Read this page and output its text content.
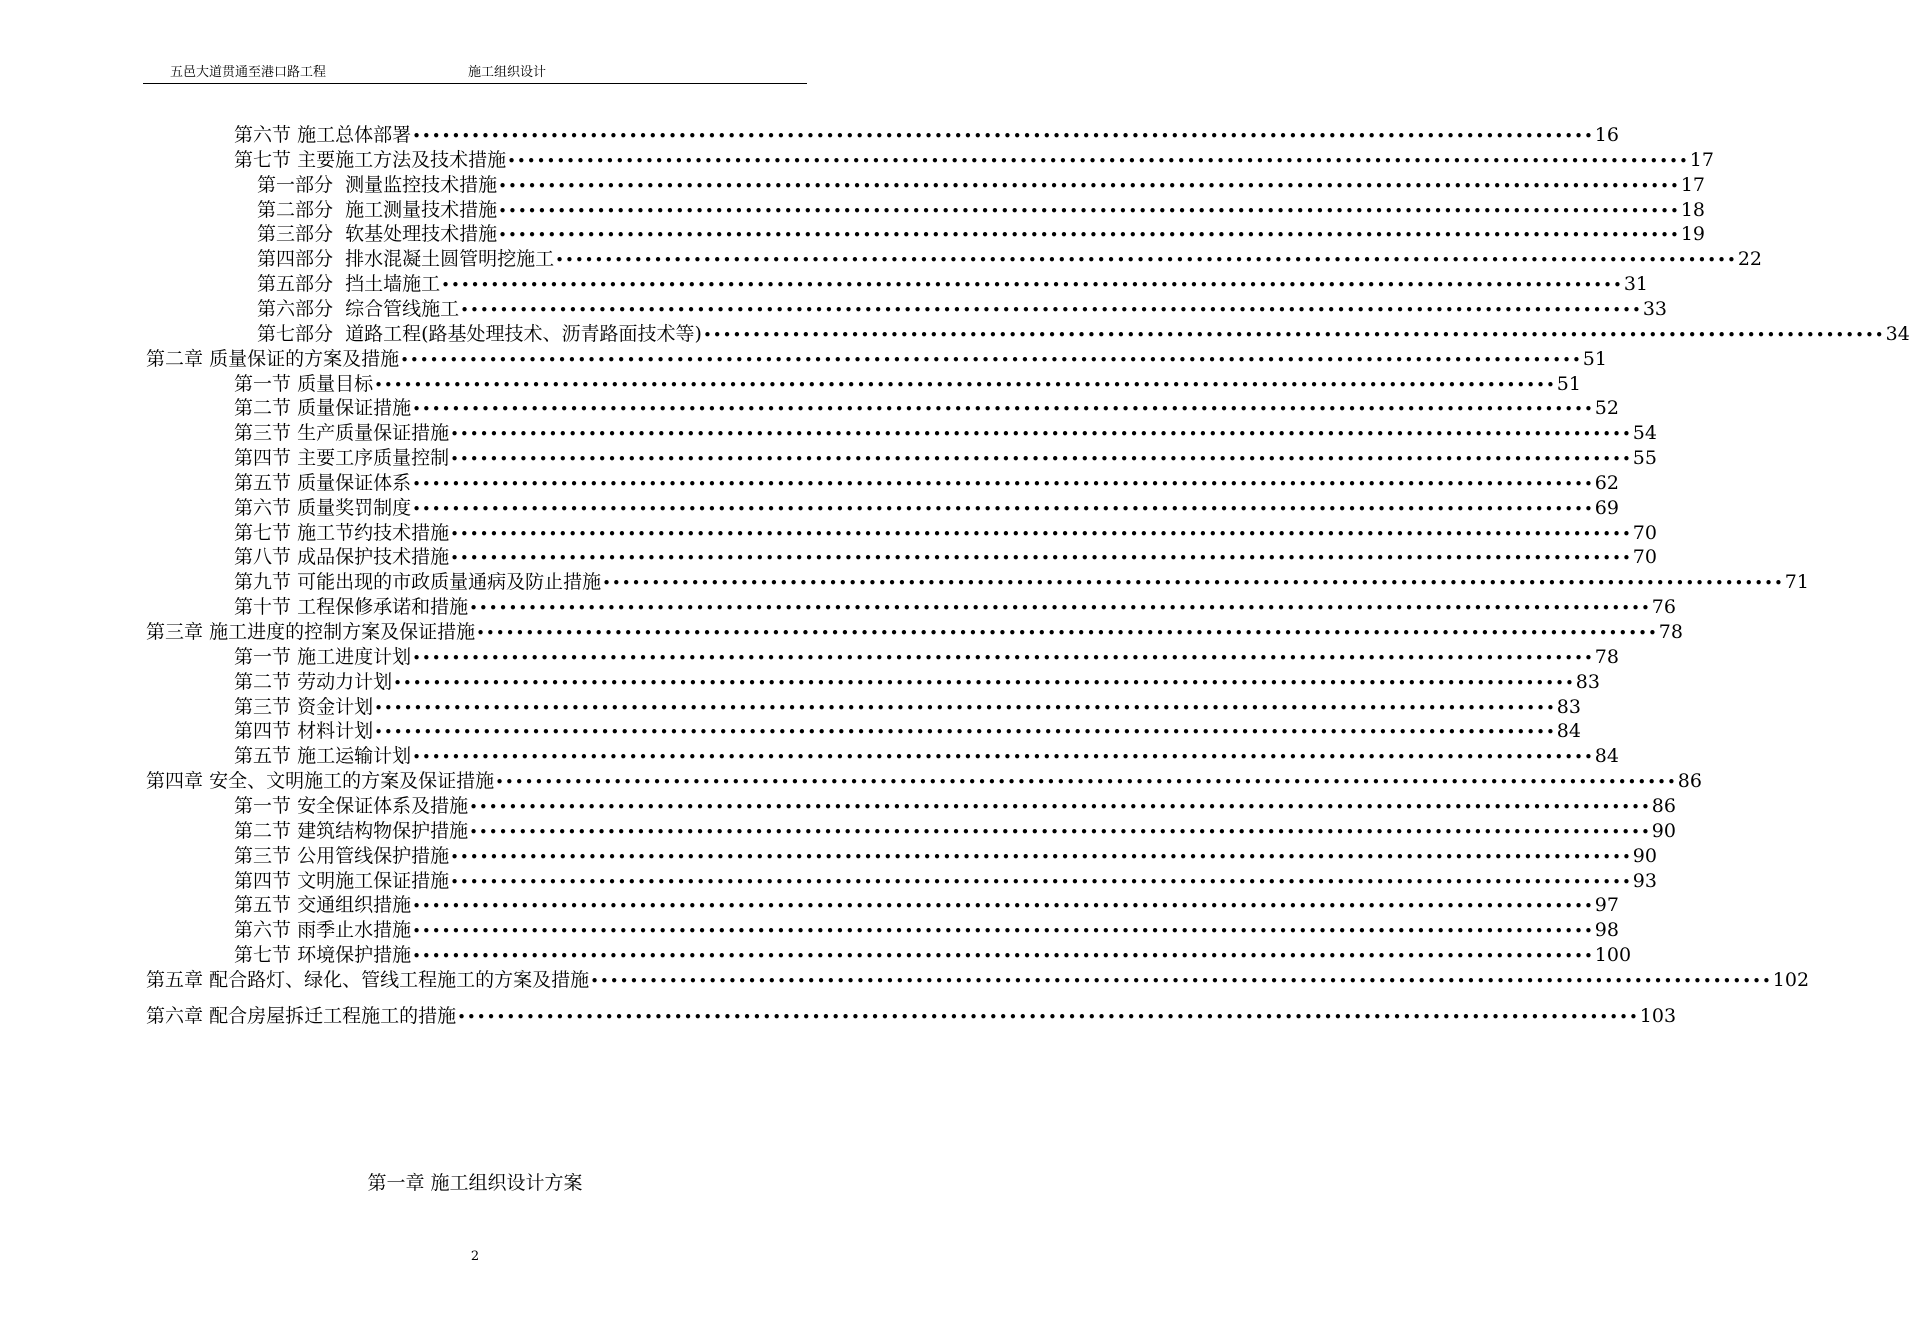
五邑大道贯通至港口路工程	施工组织设计
第六节
施工总体部署 •••••••••••••••••••••••••••••••••••••••••••••••••••••••••••••••••••••••••••••••••••••••••••••••••••••••••••••••••••••••• 16
第七节
主要施工方法及技术措施 •••••••••••••••••••••••••••••••••••••••••••••••••••••••••••••••••••••••••••••••••••••••••••••••••••••••••••••••••••••••• 17
第一部分
测量监控技术措施 •••••••••••••••••••••••••••••••••••••••••••••••••••••••••••••••••••••••••••••••••••••••••••••••••••••••••••••••••••••••• 17
第二部分
施工测量技术措施 •••••••••••••••••••••••••••••••••••••••••••••••••••••••••••••••••••••••••••••••••••••••••••••••••••••••••••••••••••••••• 18
第三部分
软基处理技术措施 •••••••••••••••••••••••••••••••••••••••••••••••••••••••••••••••••••••••••••••••••••••••••••••••••••••••••••••••••••••••• 19
第四部分
排水混凝土圆管明挖施工 •••••••••••••••••••••••••••••••••••••••••••••••••••••••••••••••••••••••••••••••••••••••••••••••••••••••••••••••••••••••• 22
第五部分
挡土墙施工 •••••••••••••••••••••••••••••••••••••••••••••••••••••••••••••••••••••••••••••••••••••••••••••••••••••••••••••••••••••••• 31
第六部分
综合管线施工 •••••••••••••••••••••••••••••••••••••••••••••••••••••••••••••••••••••••••••••••••••••••••••••••••••••••••••••••••••••••• 33
第七部分
道路工程(路基处理技术、沥青路面技术等) •••••••••••••••••••••••••••••••••••••••••••••••••••••••••••••••••••••••••••••••••••••••••••••••••••••••••••••••••••••••• 34
第二章
质量保证的方案及措施 •••••••••••••••••••••••••••••••••••••••••••••••••••••••••••••••••••••••••••••••••••••••••••••••••••••••••••••••••••••••• 51
第一节
质量目标 •••••••••••••••••••••••••••••••••••••••••••••••••••••••••••••••••••••••••••••••••••••••••••••••••••••••••••••••••••••••• 51
第二节
质量保证措施 •••••••••••••••••••••••••••••••••••••••••••••••••••••••••••••••••••••••••••••••••••••••••••••••••••••••••••••••••••••••• 52
第三节
生产质量保证措施 •••••••••••••••••••••••••••••••••••••••••••••••••••••••••••••••••••••••••••••••••••••••••••••••••••••••••••••••••••••••• 54
第四节
主要工序质量控制 •••••••••••••••••••••••••••••••••••••••••••••••••••••••••••••••••••••••••••••••••••••••••••••••••••••••••••••••••••••••• 55
第五节
质量保证体系 •••••••••••••••••••••••••••••••••••••••••••••••••••••••••••••••••••••••••••••••••••••••••••••••••••••••••••••••••••••••• 62
第六节
质量奖罚制度 •••••••••••••••••••••••••••••••••••••••••••••••••••••••••••••••••••••••••••••••••••••••••••••••••••••••••••••••••••••••• 69
第七节
施工节约技术措施 •••••••••••••••••••••••••••••••••••••••••••••••••••••••••••••••••••••••••••••••••••••••••••••••••••••••••••••••••••••••• 70
第八节
成品保护技术措施 •••••••••••••••••••••••••••••••••••••••••••••••••••••••••••••••••••••••••••••••••••••••••••••••••••••••••••••••••••••••• 70
第九节
可能出现的市政质量通病及防止措施 •••••••••••••••••••••••••••••••••••••••••••••••••••••••••••••••••••••••••••••••••••••••••••••••••••••••••••••••••••••••• 71
第十节
工程保修承诺和措施 •••••••••••••••••••••••••••••••••••••••••••••••••••••••••••••••••••••••••••••••••••••••••••••••••••••••••••••••••••••••• 76
第三章
施工进度的控制方案及保证措施 •••••••••••••••••••••••••••••••••••••••••••••••••••••••••••••••••••••••••••••••••••••••••••••••••••••••••••••••••••••••• 78
第一节
施工进度计划 •••••••••••••••••••••••••••••••••••••••••••••••••••••••••••••••••••••••••••••••••••••••••••••••••••••••••••••••••••••••• 78
第二节
劳动力计划 •••••••••••••••••••••••••••••••••••••••••••••••••••••••••••••••••••••••••••••••••••••••••••••••••••••••••••••••••••••••• 83
第三节
资金计划 •••••••••••••••••••••••••••••••••••••••••••••••••••••••••••••••••••••••••••••••••••••••••••••••••••••••••••••••••••••••• 83
第四节
材料计划 •••••••••••••••••••••••••••••••••••••••••••••••••••••••••••••••••••••••••••••••••••••••••••••••••••••••••••••••••••••••• 84
第五节
施工运输计划 •••••••••••••••••••••••••••••••••••••••••••••••••••••••••••••••••••••••••••••••••••••••••••••••••••••••••••••••••••••••• 84
第四章
安全、文明施工的方案及保证措施 •••••••••••••••••••••••••••••••••••••••••••••••••••••••••••••••••••••••••••••••••••••••••••••••••••••••••••••••••••••••• 86
第一节
安全保证体系及措施 •••••••••••••••••••••••••••••••••••••••••••••••••••••••••••••••••••••••••••••••••••••••••••••••••••••••••••••••••••••••• 86
第二节
建筑结构物保护措施 •••••••••••••••••••••••••••••••••••••••••••••••••••••••••••••••••••••••••••••••••••••••••••••••••••••••••••••••••••••••• 90
第三节
公用管线保护措施 •••••••••••••••••••••••••••••••••••••••••••••••••••••••••••••••••••••••••••••••••••••••••••••••••••••••••••••••••••••••• 90
第四节
文明施工保证措施 •••••••••••••••••••••••••••••••••••••••••••••••••••••••••••••••••••••••••••••••••••••••••••••••••••••••••••••••••••••••• 93
第五节
交通组织措施 •••••••••••••••••••••••••••••••••••••••••••••••••••••••••••••••••••••••••••••••••••••••••••••••••••••••••••••••••••••••• 97
第六节
雨季止水措施 •••••••••••••••••••••••••••••••••••••••••••••••••••••••••••••••••••••••••••••••••••••••••••••••••••••••••••••••••••••••• 98
第七节
环境保护措施 •••••••••••••••••••••••••••••••••••••••••••••••••••••••••••••••••••••••••••••••••••••••••••••••••••••••••••••••••••••••• 100
第五章
配合路灯、绿化、管线工程施工的方案及措施 •••••••••••••••••••••••••••••••••••••••••••••••••••••••••••••••••••••••••••••••••••••••••••••••••••••••••••••••••••••••• 102
第六章
配合房屋拆迁工程施工的措施 •••••••••••••••••••••••••••••••••••••••••••••••••••••••••••••••••••••••••••••••••••••••••••••••••••••••••••••••••••••••• 103
第一章 施工组织设计方案
2
